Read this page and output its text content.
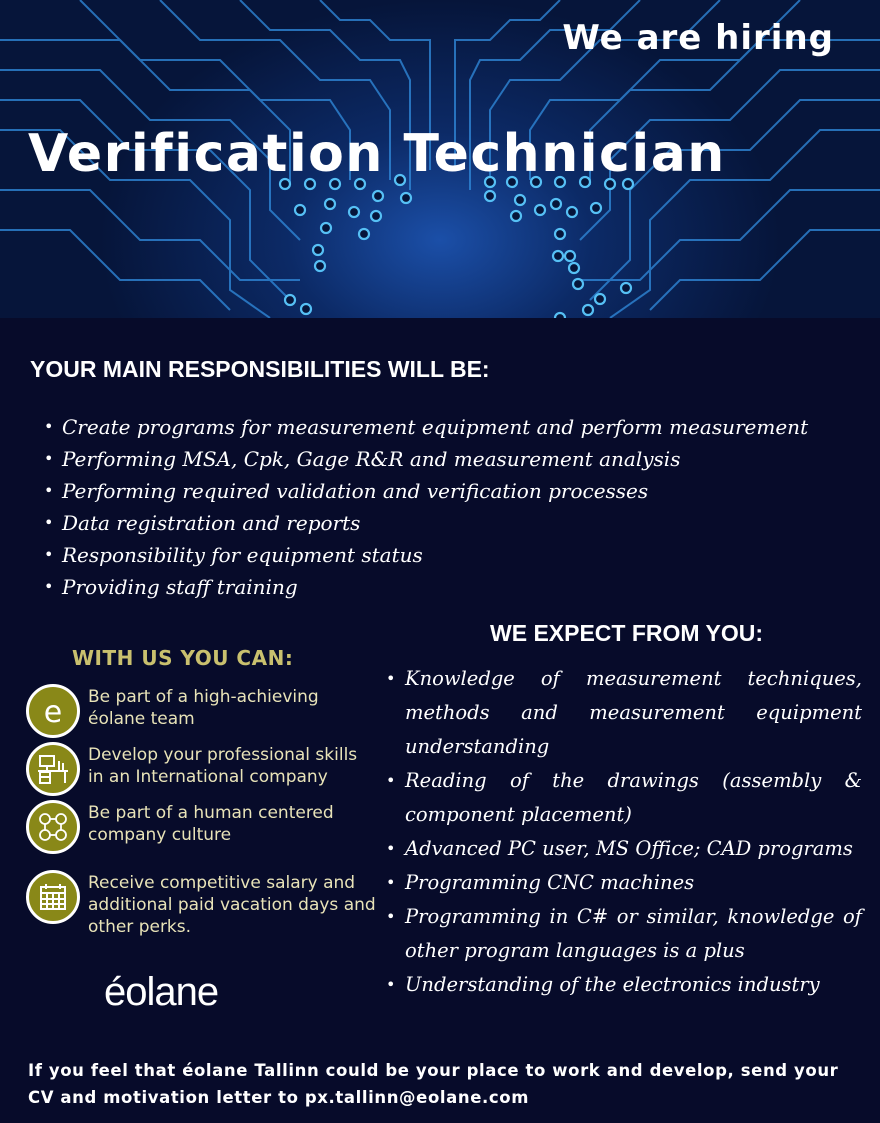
We are hiring
Verification Technician
YOUR MAIN RESPONSIBILITIES WILL BE:
• Create programs for measurement equipment and perform measurement
• Performing MSA, Cpk, Gage R&R and measurement analysis
• Performing required validation and verification processes
• Data registration and reports
• Responsibility for equipment status
• Providing staff training
WITH US YOU CAN:
e Be part of a high-achieving éolane team
Develop your professional skills in an International company
Be part of a human centered company culture
Receive competitive salary and additional paid vacation days and other perks.
éolane
WE EXPECT FROM YOU:
• Knowledge of measurement techniques, methods and measurement equipment understanding
• Reading of the drawings (assembly & component placement)
• Advanced PC user, MS Office; CAD programs
• Programming CNC machines
• Programming in C# or similar, knowledge of other program languages is a plus
• Understanding of the electronics industry

If you feel that éolane Tallinn could be your place to work and develop, send your CV and motivation letter to px.tallinn@eolane.com
